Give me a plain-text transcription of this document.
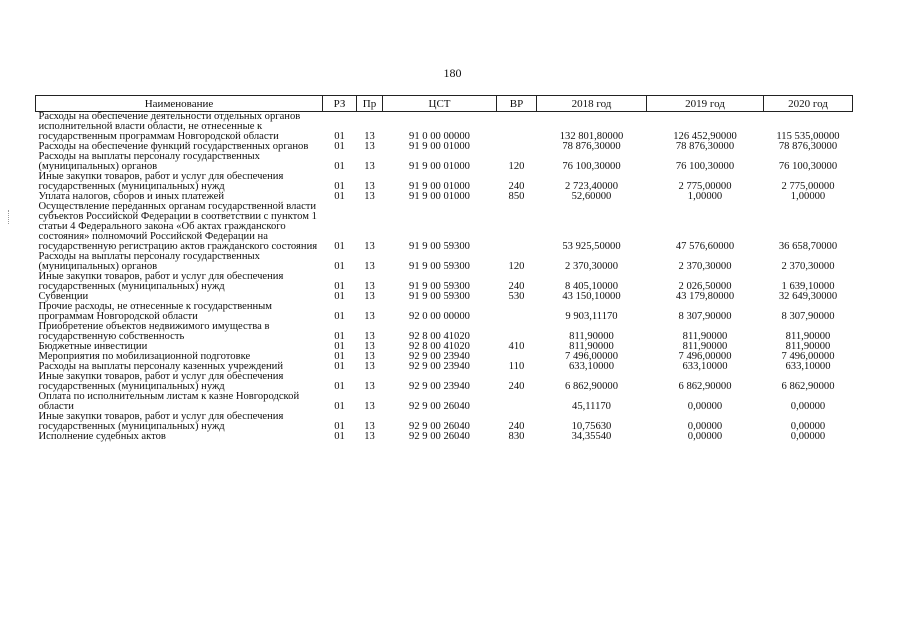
180
Наименование	РЗ	Пр	ЦСТ	ВР	2018 год	2019 год	2020 год
Расходы на обеспечение деятельности отдельных органов исполнительной власти области, не отнесенные к государственным программам Новгородской области	01	13	91 0 00 00000		132 801,80000	126 452,90000	115 535,00000
Расходы на обеспечение функций государственных органов	01	13	91 9 00 01000		78 876,30000	78 876,30000	78 876,30000
Расходы на выплаты персоналу государственных (муниципальных) органов	01	13	91 9 00 01000	120	76 100,30000	76 100,30000	76 100,30000
Иные закупки товаров, работ и услуг для обеспечения государственных (муниципальных) нужд	01	13	91 9 00 01000	240	2 723,40000	2 775,00000	2 775,00000
Уплата налогов, сборов и иных платежей	01	13	91 9 00 01000	850	52,60000	1,00000	1,00000
Осуществление переданных органам государственной власти субъектов Российской Федерации в соответствии с пунктом 1 статьи 4 Федерального закона «Об актах гражданского состояния» полномочий Российской Федерации на государственную регистрацию актов гражданского состояния	01	13	91 9 00 59300		53 925,50000	47 576,60000	36 658,70000
Расходы на выплаты персоналу государственных (муниципальных) органов	01	13	91 9 00 59300	120	2 370,30000	2 370,30000	2 370,30000
Иные закупки товаров, работ и услуг для обеспечения государственных (муниципальных) нужд	01	13	91 9 00 59300	240	8 405,10000	2 026,50000	1 639,10000
Субвенции	01	13	91 9 00 59300	530	43 150,10000	43 179,80000	32 649,30000
Прочие расходы, не отнесенные к государственным программам Новгородской области	01	13	92 0 00 00000		9 903,11170	8 307,90000	8 307,90000
Приобретение объектов недвижимого имущества в государственную собственность	01	13	92 8 00 41020		811,90000	811,90000	811,90000
Бюджетные инвестиции	01	13	92 8 00 41020	410	811,90000	811,90000	811,90000
Мероприятия по мобилизационной подготовке	01	13	92 9 00 23940		7 496,00000	7 496,00000	7 496,00000
Расходы на выплаты персоналу казенных учреждений	01	13	92 9 00 23940	110	633,10000	633,10000	633,10000
Иные закупки товаров, работ и услуг для обеспечения государственных (муниципальных) нужд	01	13	92 9 00 23940	240	6 862,90000	6 862,90000	6 862,90000
Оплата по исполнительным листам к казне Новгородской области	01	13	92 9 00 26040		45,11170	0,00000	0,00000
Иные закупки товаров, работ и услуг для обеспечения государственных (муниципальных) нужд	01	13	92 9 00 26040	240	10,75630	0,00000	0,00000
Исполнение судебных актов	01	13	92 9 00 26040	830	34,35540	0,00000	0,00000
